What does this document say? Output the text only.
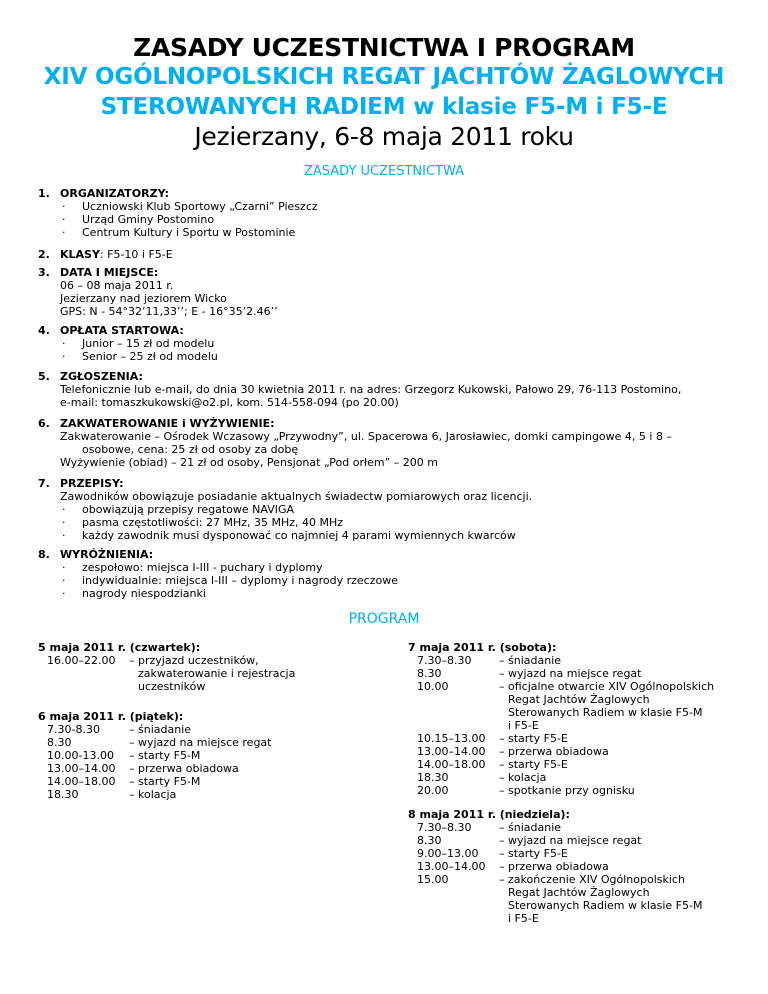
ZASADY UCZESTNICTWA I PROGRAM
XIV OGÓLNOPOLSKICH REGAT JACHTÓW ŻAGLOWYCH
STEROWANYCH RADIEM w klasie F5-M i F5-E
Jezierzany, 6-8 maja 2011 roku
ZASADY UCZESTNICTWA
1. ORGANIZATORZY:
· Uczniowski Klub Sportowy „Czarni” Pieszcz
· Urząd Gminy Postomino
· Centrum Kultury i Sportu w Postominie
2. KLASY: F5-10 i F5-E
3. DATA I MIEJSCE:
06 – 08 maja 2011 r.
Jezierzany nad jeziorem Wicko
GPS: N - 54°32’11,33’’; E - 16°35’2.46’’
4. OPŁATA STARTOWA:
· Junior – 15 zł od modelu
· Senior – 25 zł od modelu
5. ZGŁOSZENIA:
Telefonicznie lub e-mail, do dnia 30 kwietnia 2011 r. na adres: Grzegorz Kukowski, Pałowo 29, 76-113 Postomino,
e-mail: tomaszkukowski@o2.pl, kom. 514-558-094 (po 20.00)
6. ZAKWATEROWANIE i WYŻYWIENIE:
Zakwaterowanie – Ośrodek Wczasowy „Przywodny”, ul. Spacerowa 6, Jarosławiec, domki campingowe 4, 5 i 8 –
osobowe, cena: 25 zł od osoby za dobę
Wyżywienie (obiad) – 21 zł od osoby, Pensjonat „Pod orłem” – 200 m
7. PRZEPISY:
Zawodników obowiązuje posiadanie aktualnych świadectw pomiarowych oraz licencji.
· obowiązują przepisy regatowe NAVIGA
· pasma częstotliwości: 27 MHz, 35 MHz, 40 MHz
· każdy zawodnik musi dysponować co najmniej 4 parami wymiennych kwarców
8. WYRÓŻNIENIA:
· zespołowo: miejsca I-III - puchary i dyplomy
· indywidualnie: miejsca I-III – dyplomy i nagrody rzeczowe
· nagrody niespodzianki
PROGRAM
5 maja 2011 r. (czwartek):
16.00–22.00 – przyjazd uczestników,
zakwaterowanie i rejestracja
uczestników
6 maja 2011 r. (piątek):
7.30-8.30	– śniadanie
8.30	– wyjazd na miejsce regat
10.00-13.00 – starty F5-M
13.00–14.00 – przerwa obiadowa
14.00–18.00 – starty F5-M
18.30	– kolacja
7 maja 2011 r. (sobota):
7.30–8.30	– śniadanie
8.30	– wyjazd na miejsce regat
10.00	– oficjalne otwarcie XIV Ogólnopolskich
Regat Jachtów Żaglowych
Sterowanych Radiem w klasie F5-M
i F5-E
10.15–13.00 – starty F5-E
13.00–14.00 – przerwa obiadowa
14.00–18.00 – starty F5-E
18.30	– kolacja
20.00	– spotkanie przy ognisku
8 maja 2011 r. (niedziela):
7.30–8.30	– śniadanie
8.30	– wyjazd na miejsce regat
9.00–13.00 – starty F5-E
13.00–14.00 – przerwa obiadowa
15.00	– zakończenie XIV Ogólnopolskich
Regat Jachtów Żaglowych
Sterowanych Radiem w klasie F5-M
i F5-E
